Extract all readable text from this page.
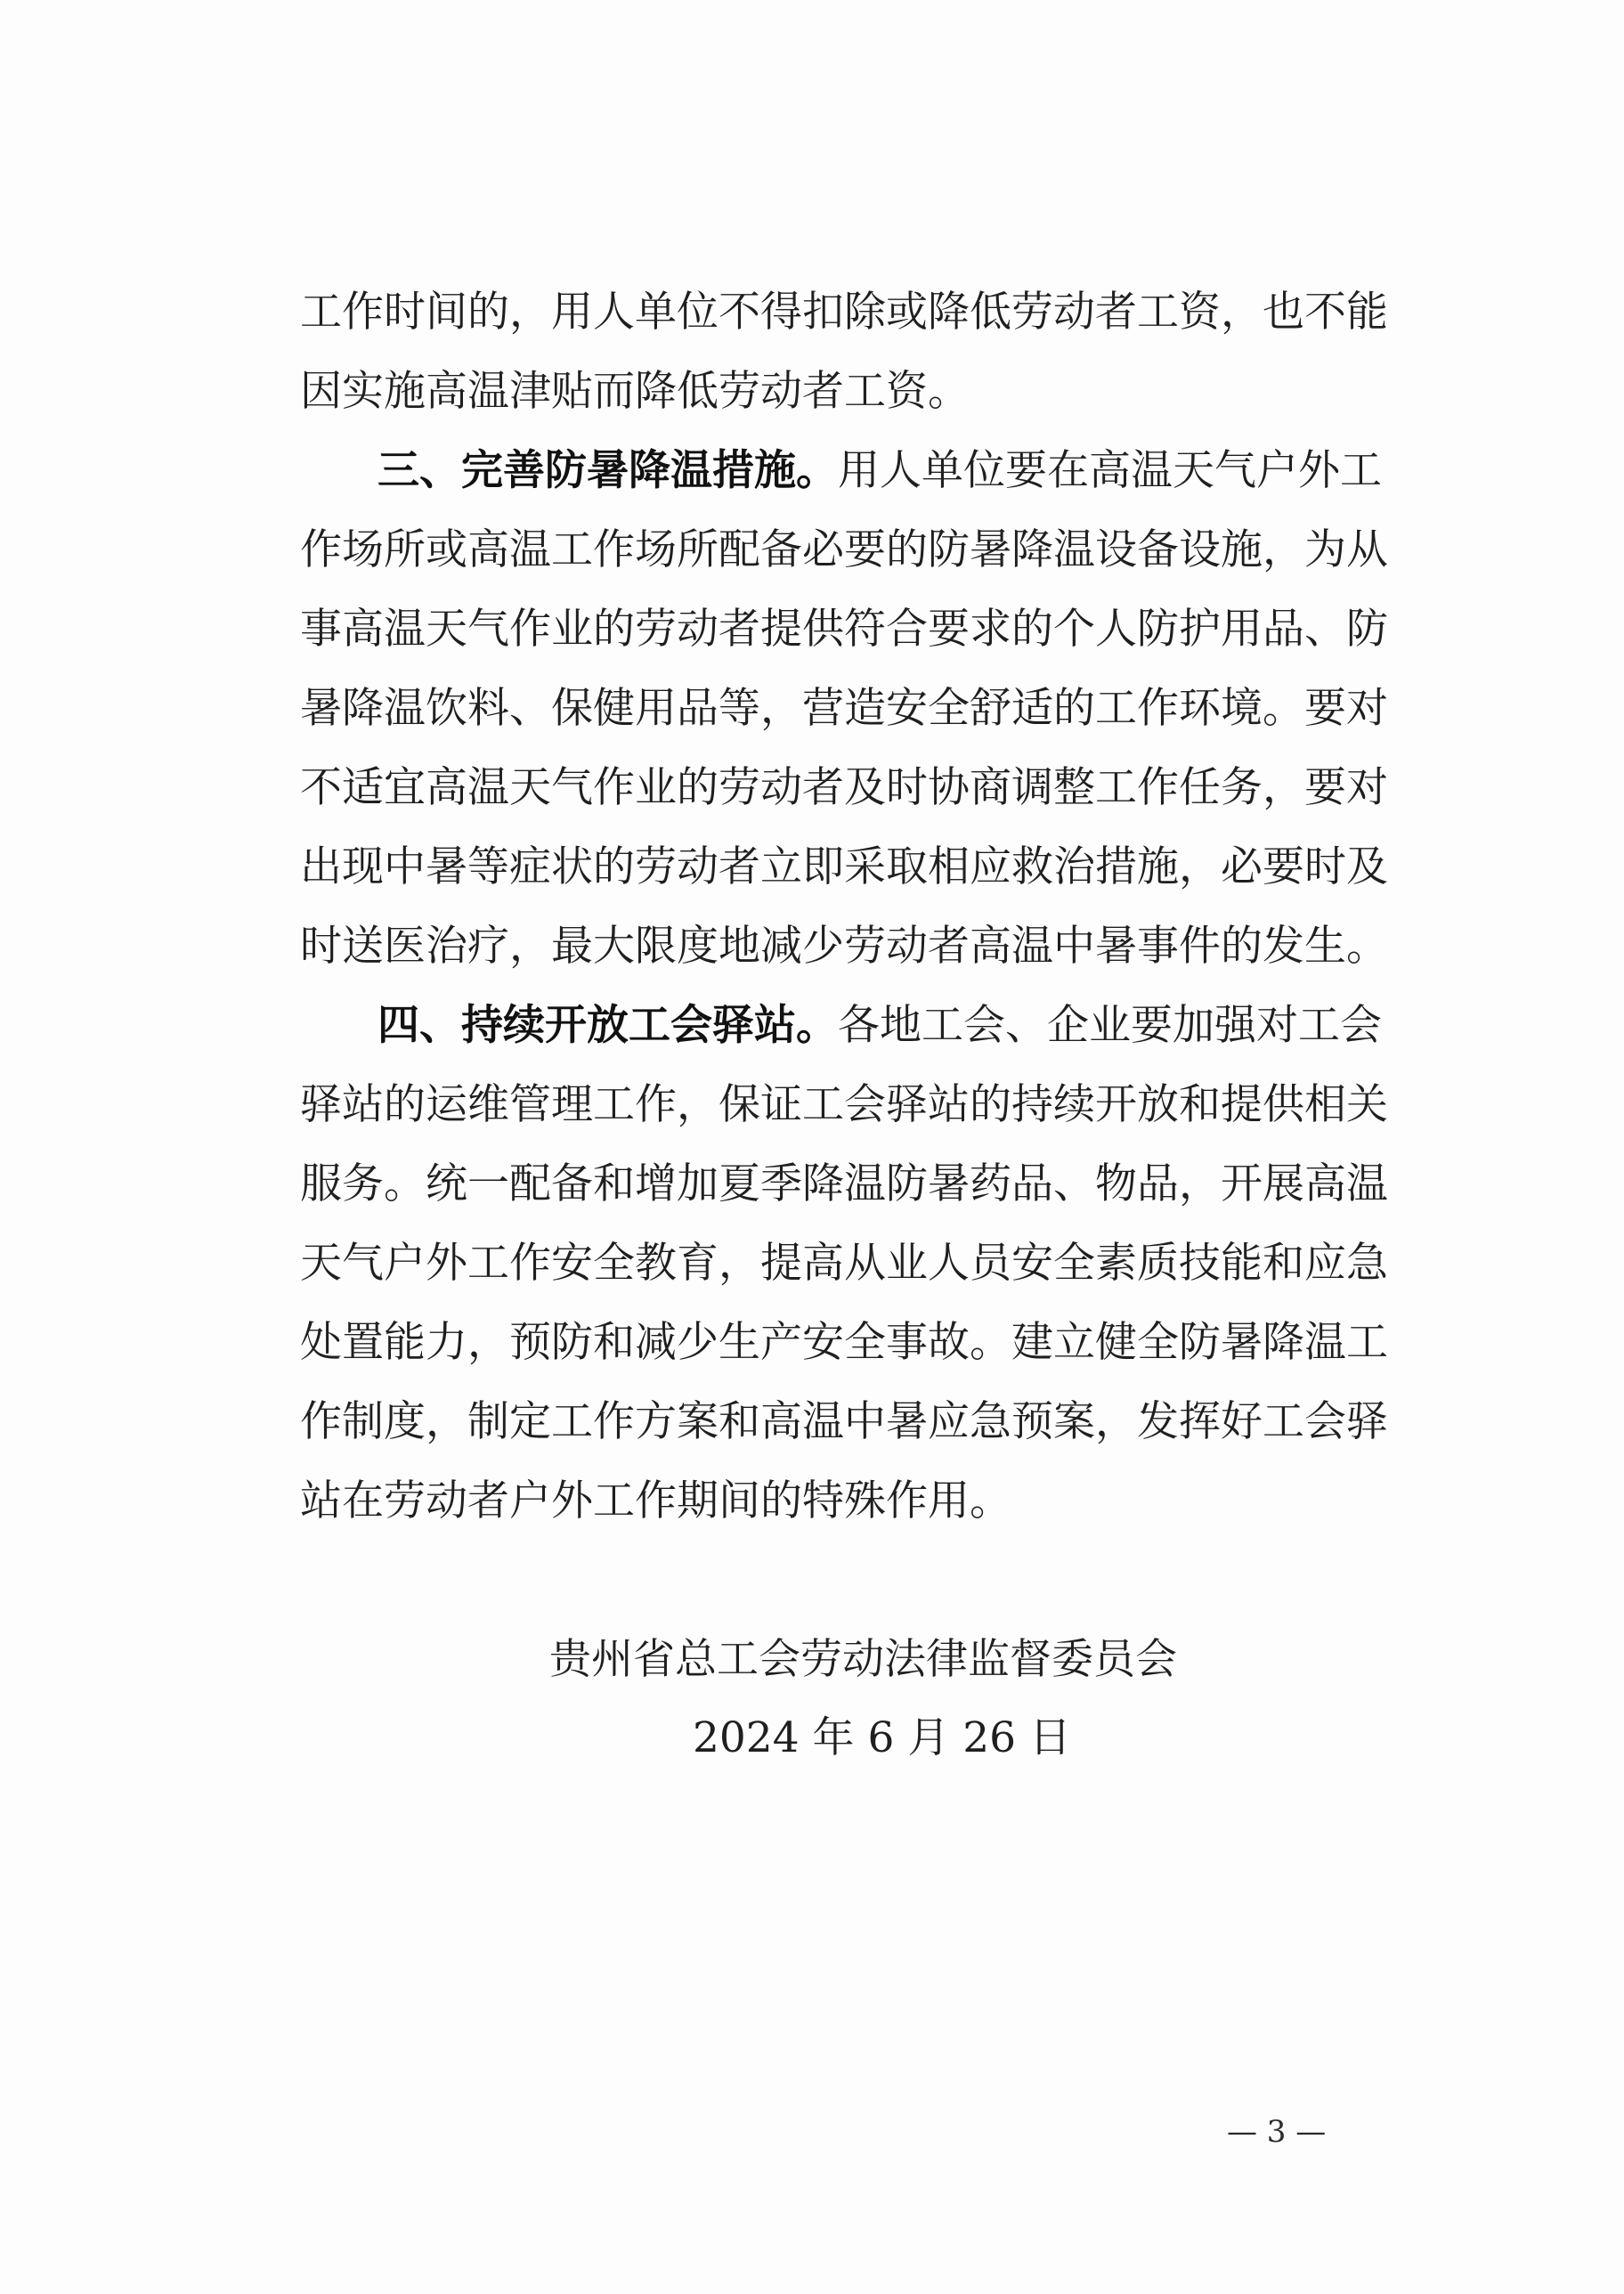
工作时间的，用人单位不得扣除或降低劳动者工资，也不能
因实施高温津贴而降低劳动者工资。
三、完善防暑降温措施。用人单位要在高温天气户外工
作场所或高温工作场所配备必要的防暑降温设备设施，为从
事高温天气作业的劳动者提供符合要求的个人防护用品、防
暑降温饮料、保健用品等，营造安全舒适的工作环境。要对
不适宜高温天气作业的劳动者及时协商调整工作任务，要对
出现中暑等症状的劳动者立即采取相应救治措施，必要时及
时送医治疗，最大限度地减少劳动者高温中暑事件的发生。
四、持续开放工会驿站。各地工会、企业要加强对工会
驿站的运维管理工作，保证工会驿站的持续开放和提供相关
服务。统一配备和增加夏季降温防暑药品、物品，开展高温
天气户外工作安全教育，提高从业人员安全素质技能和应急
处置能力，预防和减少生产安全事故。建立健全防暑降温工
作制度，制定工作方案和高温中暑应急预案，发挥好工会驿
站在劳动者户外工作期间的特殊作用。
贵州省总工会劳动法律监督委员会
2024 年 6 月 26 日
— 3 —
